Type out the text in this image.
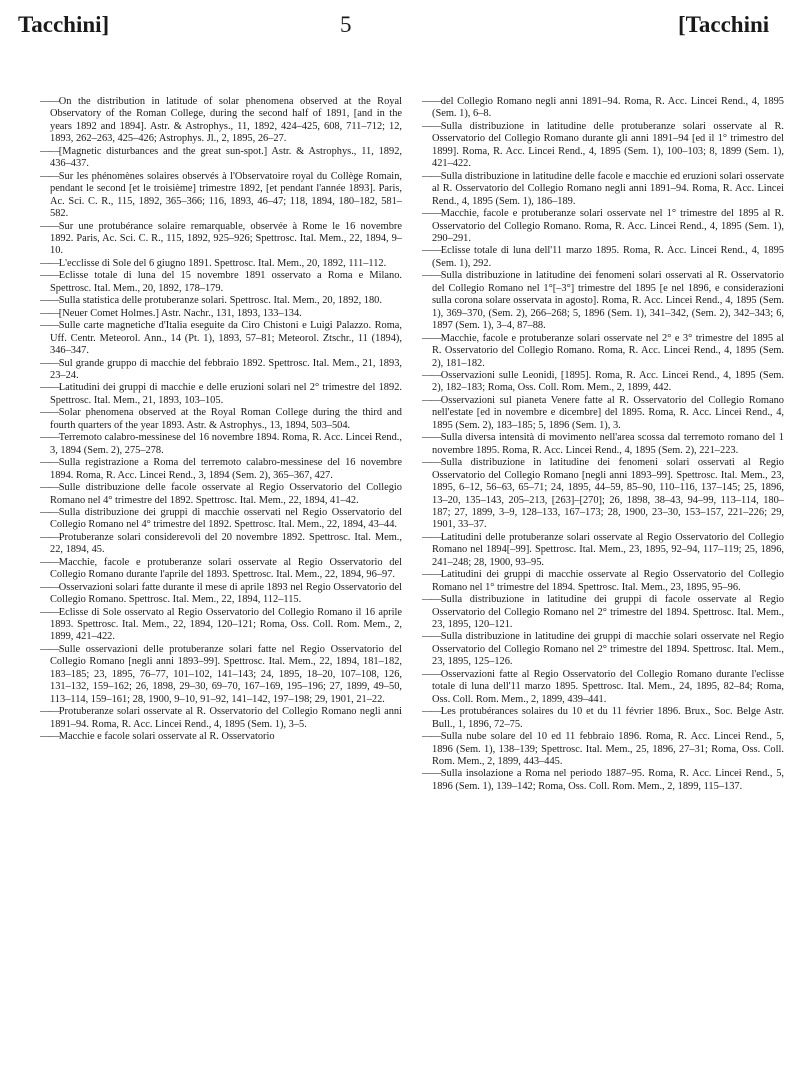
Tacchini]	5	[Tacchini

—— On the distribution in latitude of solar phenomena observed at the Royal Observatory of the Roman College, during the second half of 1891, [and in the years 1892 and 1894]. Astr. & Astrophys., 11, 1892, 424–425, 608, 711–712; 12, 1893, 262–263, 425–426; Astrophys. Jl., 2, 1895, 26–27.

—— [Magnetic disturbances and the great sun-spot.] Astr. & Astrophys., 11, 1892, 436–437.

—— Sur les phénomènes solaires observés à l'Observatoire royal du Collège Romain, pendant le second [et le troisième] trimestre 1892, [et pendant l'année 1893]. Paris, Ac. Sci. C. R., 115, 1892, 365–366; 116, 1893, 46–47; 118, 1894, 180–182, 581–582.

—— Sur une protubérance solaire remarquable, observée à Rome le 16 novembre 1892. Paris, Ac. Sci. C. R., 115, 1892, 925–926; Spettrosc. Ital. Mem., 22, 1894, 9–10.

—— L'ecclisse di Sole del 6 giugno 1891. Spettrosc. Ital. Mem., 20, 1892, 111–112.

—— Eclisse totale di luna del 15 novembre 1891 osservato a Roma e Milano. Spettrosc. Ital. Mem., 20, 1892, 178–179.

—— Sulla statistica delle protuberanze solari. Spettrosc. Ital. Mem., 20, 1892, 180.

—— [Neuer Comet Holmes.] Astr. Nachr., 131, 1893, 133–134.

—— Sulle carte magnetiche d'Italia eseguite da Ciro Chistoni e Luigi Palazzo. Roma, Uff. Centr. Meteorol. Ann., 14 (Pt. 1), 1893, 57–81; Meteorol. Ztschr., 11 (1894), 346–347.

—— Sul grande gruppo di macchie del febbraio 1892. Spettrosc. Ital. Mem., 21, 1893, 23–24.

—— Latitudini dei gruppi di macchie e delle eruzioni solari nel 2° trimestre del 1892. Spettrosc. Ital. Mem., 21, 1893, 103–105.

—— Solar phenomena observed at the Royal Roman College during the third and fourth quarters of the year 1893. Astr. & Astrophys., 13, 1894, 503–504.

—— Terremoto calabro-messinese del 16 novembre 1894. Roma, R. Acc. Lincei Rend., 3, 1894 (Sem. 2), 275–278.

—— Sulla registrazione a Roma del terremoto calabro-messinese del 16 novembre 1894. Roma, R. Acc. Lincei Rend., 3, 1894 (Sem. 2), 365–367, 427.

—— Sulle distribuzione delle facole osservate al Regio Osservatorio del Collegio Romano nel 4° trimestre del 1892. Spettrosc. Ital. Mem., 22, 1894, 41–42.

—— Sulla distribuzione dei gruppi di macchie osservati nel Regio Osservatorio del Collegio Romano nel 4° trimestre del 1892. Spettrosc. Ital. Mem., 22, 1894, 43–44.

—— Protuberanze solari considerevoli del 20 novembre 1892. Spettrosc. Ital. Mem., 22, 1894, 45.

—— Macchie, facole e protuberanze solari osservate al Regio Osservatorio del Collegio Romano durante l'aprile del 1893. Spettrosc. Ital. Mem., 22, 1894, 96–97.

—— Osservazioni solari fatte durante il mese di aprile 1893 nel Regio Osservatorio del Collegio Romano. Spettrosc. Ital. Mem., 22, 1894, 112–115.

—— Eclisse di Sole osservato al Regio Osservatorio del Collegio Romano il 16 aprile 1893. Spettrosc. Ital. Mem., 22, 1894, 120–121; Roma, Oss. Coll. Rom. Mem., 2, 1899, 421–422.

—— Sulle osservazioni delle protuberanze solari fatte nel Regio Osservatorio del Collegio Romano [negli anni 1893–99]. Spettrosc. Ital. Mem., 22, 1894, 181–182, 183–185; 23, 1895, 76–77, 101–102, 141–143; 24, 1895, 18–20, 107–108, 126, 131–132, 159–162; 26, 1898, 29–30, 69–70, 167–169, 195–196; 27, 1899, 49–50, 113–114, 159–161; 28, 1900, 9–10, 91–92, 141–142, 197–198; 29, 1901, 21–22.

—— Protuberanze solari osservate al R. Osservatorio del Collegio Romano negli anni 1891–94. Roma, R. Acc. Lincei Rend., 4, 1895 (Sem. 1), 3–5.

—— Macchie e facole solari osservate al R. Osservatorio

—— del Collegio Romano negli anni 1891–94. Roma, R. Acc. Lincei Rend., 4, 1895 (Sem. 1), 6–8.

—— Sulla distribuzione in latitudine delle protuberanze solari osservate al R. Osservatorio del Collegio Romano durante gli anni 1891–94 [ed il 1° trimestro del 1899]. Roma, R. Acc. Lincei Rend., 4, 1895 (Sem. 1), 100–103; 8, 1899 (Sem. 1), 421–422.

—— Sulla distribuzione in latitudine delle facole e macchie ed eruzioni solari osservate al R. Osservatorio del Collegio Romano negli anni 1891–94. Roma, R. Acc. Lincei Rend., 4, 1895 (Sem. 1), 186–189.

—— Macchie, facole e protuberanze solari osservate nel 1° trimestre del 1895 al R. Osservatorio del Collegio Romano. Roma, R. Acc. Lincei Rend., 4, 1895 (Sem. 1), 290–291.

—— Eclisse totale di luna dell'11 marzo 1895. Roma, R. Acc. Lincei Rend., 4, 1895 (Sem. 1), 292.

—— Sulla distribuzione in latitudine dei fenomeni solari osservati al R. Osservatorio del Collegio Romano nel 1°[–3°] trimestre del 1895 [e nel 1896, e considerazioni sulla corona solare osservata in agosto]. Roma, R. Acc. Lincei Rend., 4, 1895 (Sem. 1), 369–370, (Sem. 2), 266–268; 5, 1896 (Sem. 1), 341–342, (Sem. 2), 342–343; 6, 1897 (Sem. 1), 3–4, 87–88.

—— Macchie, facole e protuberanze solari osservate nel 2° e 3° trimestre del 1895 al R. Osservatorio del Collegio Romano. Roma, R. Acc. Lincei Rend., 4, 1895 (Sem. 2), 181–182.

—— Osservazioni sulle Leonidi, [1895]. Roma, R. Acc. Lincei Rend., 4, 1895 (Sem. 2), 182–183; Roma, Oss. Coll. Rom. Mem., 2, 1899, 442.

—— Osservazioni sul pianeta Venere fatte al R. Osservatorio del Collegio Romano nell'estate [ed in novembre e dicembre] del 1895. Roma, R. Acc. Lincei Rend., 4, 1895 (Sem. 2), 183–185; 5, 1896 (Sem. 1), 3.

—— Sulla diversa intensità di movimento nell'area scossa dal terremoto romano del 1 novembre 1895. Roma, R. Acc. Lincei Rend., 4, 1895 (Sem. 2), 221–223.

—— Sulla distribuzione in latitudine dei fenomeni solari osservati al Regio Osservatorio del Collegio Romano [negli anni 1893–99]. Spettrosc. Ital. Mem., 23, 1895, 6–12, 56–63, 65–71; 24, 1895, 44–59, 85–90, 110–116, 137–145; 25, 1896, 13–20, 135–143, 205–213, [263]–[270]; 26, 1898, 38–43, 94–99, 113–114, 180–187; 27, 1899, 3–9, 128–133, 167–173; 28, 1900, 23–30, 153–157, 221–226; 29, 1901, 33–37.

—— Latitudini delle protuberanze solari osservate al Regio Osservatorio del Collegio Romano nel 1894[–99]. Spettrosc. Ital. Mem., 23, 1895, 92–94, 117–119; 25, 1896, 241–248; 28, 1900, 93–95.

—— Latitudini dei gruppi di macchie osservate al Regio Osservatorio del Collegio Romano nel 1° trimestre del 1894. Spettrosc. Ital. Mem., 23, 1895, 95–96.

—— Sulla distribuzione in latitudine dei gruppi di facole osservate al Regio Osservatorio del Collegio Romano nel 2° trimestre del 1894. Spettrosc. Ital. Mem., 23, 1895, 120–121.

—— Sulla distribuzione in latitudine dei gruppi di macchie solari osservate nel Regio Osservatorio del Collegio Romano nel 2° trimestre del 1894. Spettrosc. Ital. Mem., 23, 1895, 125–126.

—— Osservazioni fatte al Regio Osservatorio del Collegio Romano durante l'eclisse totale di luna dell'11 marzo 1895. Spettrosc. Ital. Mem., 24, 1895, 82–84; Roma, Oss. Coll. Rom. Mem., 2, 1899, 439–441.

—— Les protubérances solaires du 10 et du 11 février 1896. Brux., Soc. Belge Astr. Bull., 1, 1896, 72–75.

—— Sulla nube solare del 10 ed 11 febbraio 1896. Roma, R. Acc. Lincei Rend., 5, 1896 (Sem. 1), 138–139; Spettrosc. Ital. Mem., 25, 1896, 27–31; Roma, Oss. Coll. Rom. Mem., 2, 1899, 443–445.

—— Sulla insolazione a Roma nel periodo 1887–95. Roma, R. Acc. Lincei Rend., 5, 1896 (Sem. 1), 139–142; Roma, Oss. Coll. Rom. Mem., 2, 1899, 115–137.
